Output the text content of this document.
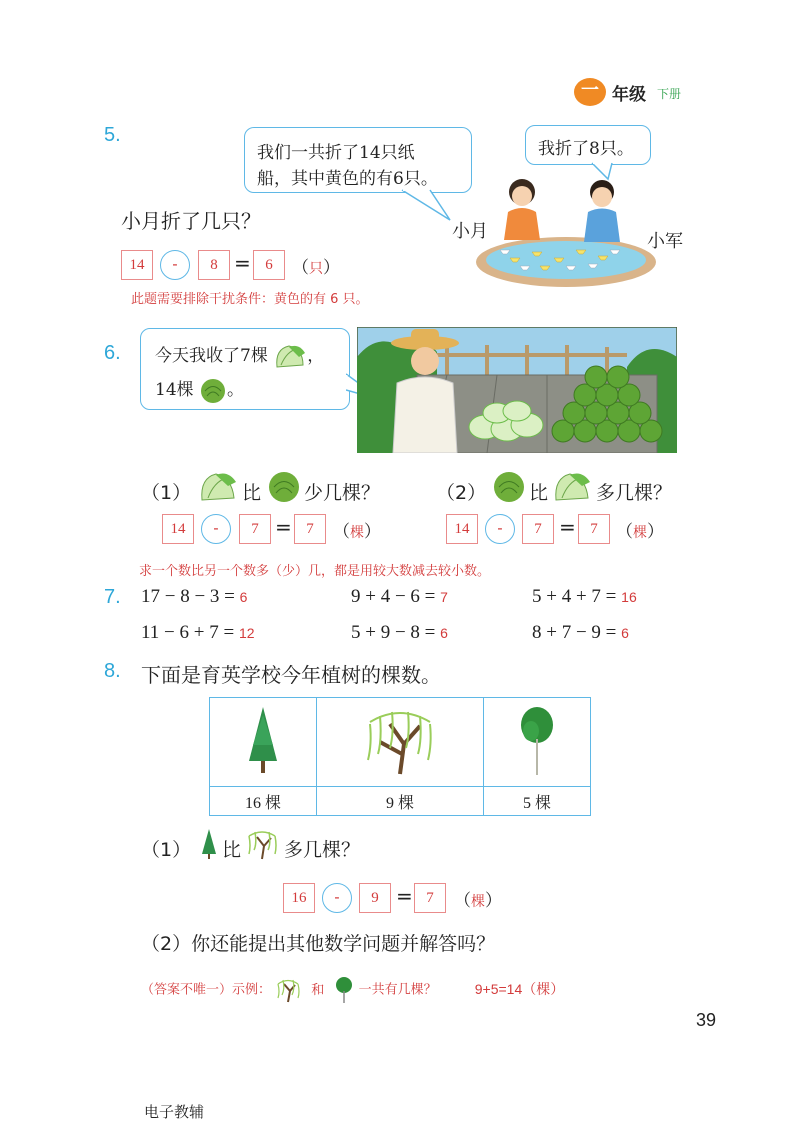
一 年级 下册
5.
我们一共折了14只纸
船，其中黄色的有6只。
我折了8只。
小月	小军
小月折了几只？
14	-	8 = 6	（只）
此题需要排除干扰条件：黄色的有 6 只。
6. 今天我收了7棵 ，
14棵 。
（1）	比 少几棵？
14	-	7 = 7	（棵）
（2） 比	多几棵？
14	-	7 = 7	（棵）
求一个数比另一个数多（少）几，都是用较大数减去较小数。
7. 17 − 8 − 3 = 6	9 + 4 − 6 = 7	5 + 4 + 7 = 16
11 − 6 + 7 = 12	5 + 9 − 8 = 6	8 + 7 − 9 = 6
8. 下面是育英学校今年植树的棵数。

16 棵	9 棵	5 棵
（1） 比 多几棵？
16	-	9 = 7	（棵）
（2）你还能提出其他数学问题并解答吗？
（答案不唯一）示例：	和	一共有几棵？	9+5=14（棵）
39
电子教辅
